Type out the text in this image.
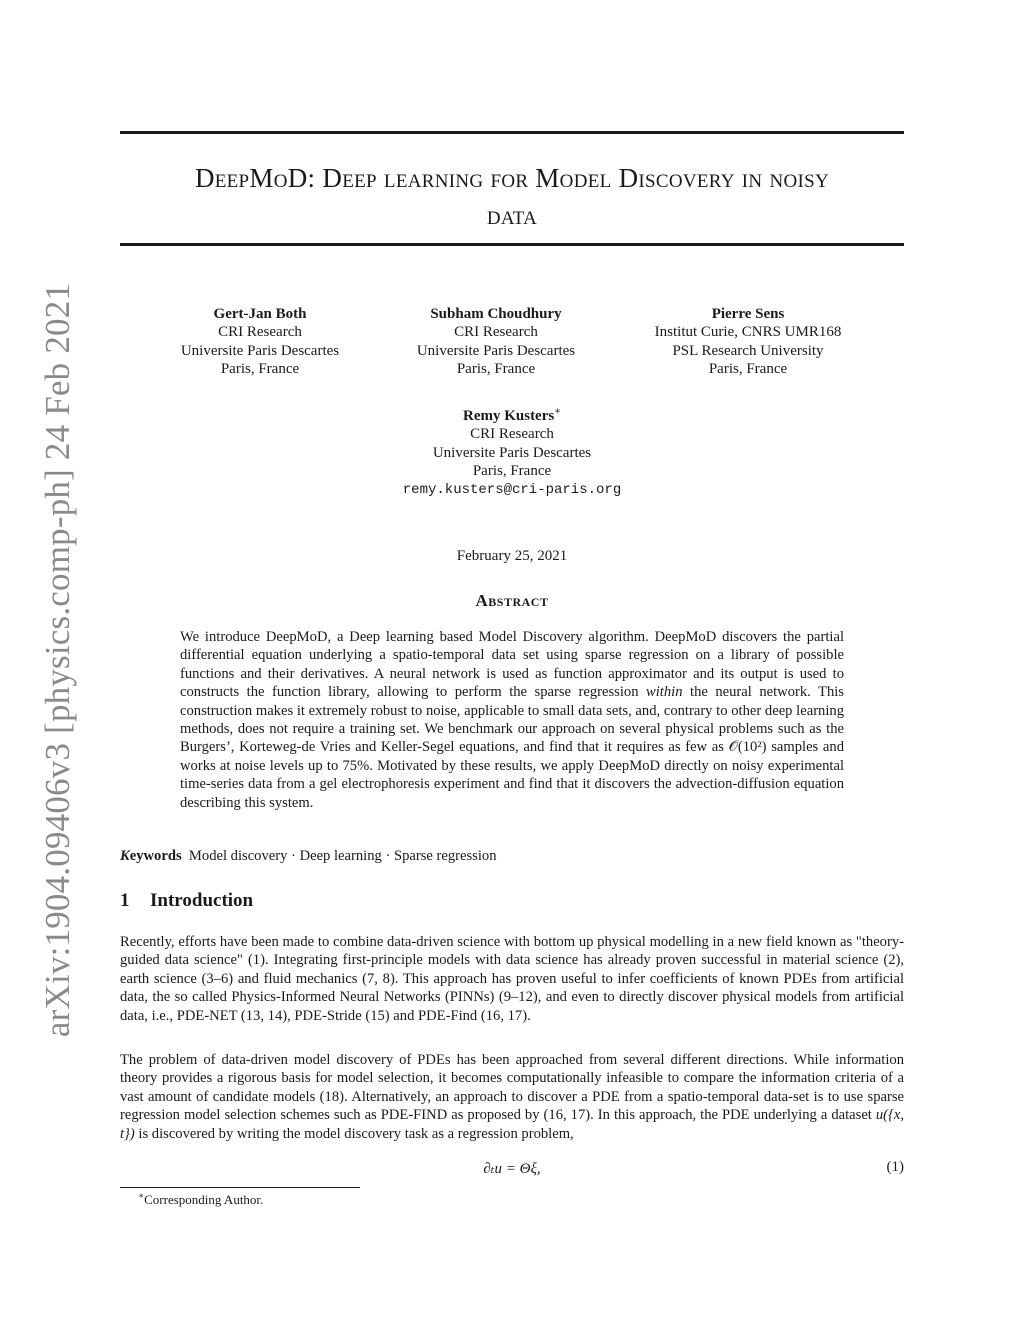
arXiv:1904.09406v3 [physics.comp-ph] 24 Feb 2021
DeepMoD: Deep learning for Model Discovery in noisy
data
Gert-Jan Both
CRI Research
Universite Paris Descartes
Paris, France
Subham Choudhury
CRI Research
Universite Paris Descartes
Paris, France
Pierre Sens
Institut Curie, CNRS UMR168
PSL Research University
Paris, France
Remy Kusters∗
CRI Research
Universite Paris Descartes
Paris, France
remy.kusters@cri-paris.org
February 25, 2021
Abstract
We introduce DeepMoD, a Deep learning based Model Discovery algorithm. DeepMoD discovers the partial differential equation underlying a spatio-temporal data set using sparse regression on a library of possible functions and their derivatives. A neural network is used as function approximator and its output is used to constructs the function library, allowing to perform the sparse regression within the neural network. This construction makes it extremely robust to noise, applicable to small data sets, and, contrary to other deep learning methods, does not require a training set. We benchmark our approach on several physical problems such as the Burgers’, Korteweg-de Vries and Keller-Segel equations, and find that it requires as few as 𝒪(10²) samples and works at noise levels up to 75%. Motivated by these results, we apply DeepMoD directly on noisy experimental time-series data from a gel electrophoresis experiment and find that it discovers the advection-diffusion equation describing this system.
Keywords Model discovery · Deep learning · Sparse regression
1 Introduction

Recently, efforts have been made to combine data-driven science with bottom up physical modelling in a new field known as "theory-guided data science" (1). Integrating first-principle models with data science has already proven successful in material science (2), earth science (3–6) and fluid mechanics (7, 8). This approach has proven useful to infer coefficients of known PDEs from artificial data, the so called Physics-Informed Neural Networks (PINNs) (9–12), and even to directly discover physical models from artificial data, i.e., PDE-NET (13, 14), PDE-Stride (15) and PDE-Find (16, 17).

The problem of data-driven model discovery of PDEs has been approached from several different directions. While information theory provides a rigorous basis for model selection, it becomes computationally infeasible to compare the information criteria of a vast amount of candidate models (18). Alternatively, an approach to discover a PDE from a spatio-temporal data-set is to use sparse regression model selection schemes such as PDE-FIND as proposed by (16, 17). In this approach, the PDE underlying a dataset u({x, t}) is discovered by writing the model discovery task as a regression problem,

∂ₜu = Θξ,	(1)
∗Corresponding Author.
